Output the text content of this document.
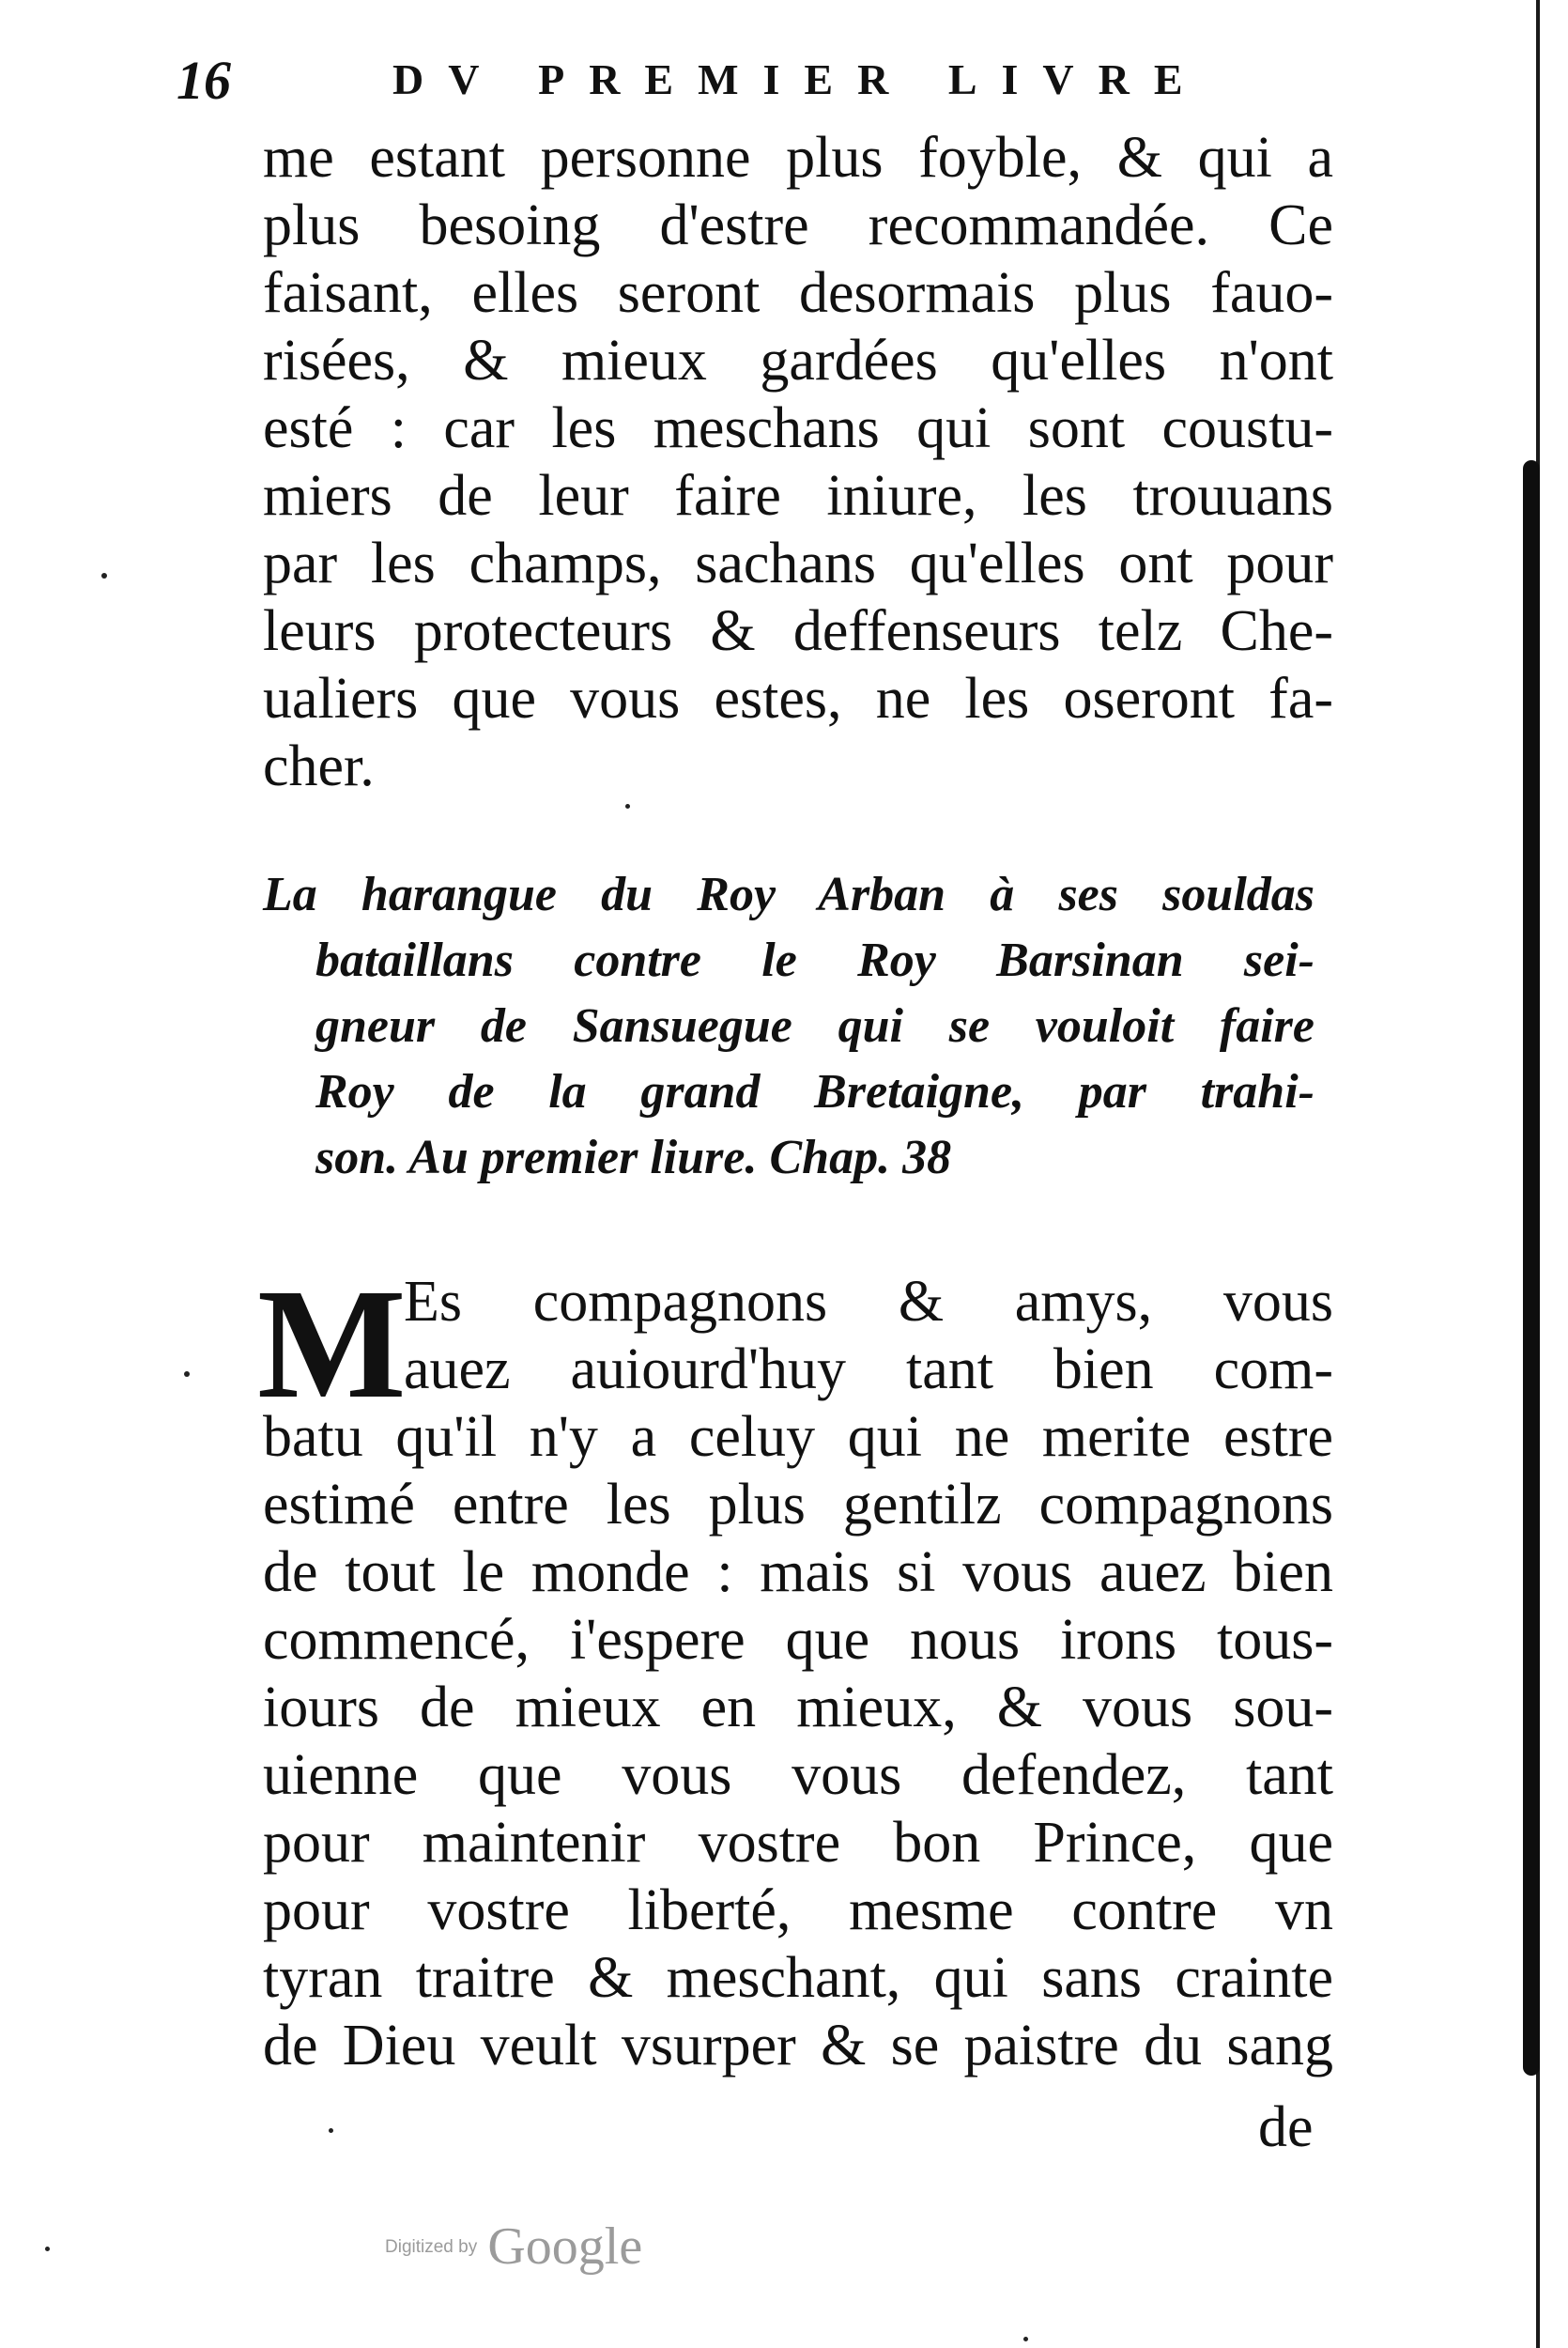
16	DV PREMIER LIVRE
me estant personne plus foyble, & qui a
plus besoing d'estre recommandée. Ce
faisant, elles seront desormais plus fauo-
risées, & mieux gardées qu'elles n'ont
esté : car les meschans qui sont coustu-
miers de leur faire iniure, les trouuans
par les champs, sachans qu'elles ont pour
leurs protecteurs & deffenseurs telz Che-
ualiers que vous estes, ne les oseront fa-
cher.
La harangue du Roy Arban à ses souldas
bataillans contre le Roy Barsinan sei-
gneur de Sansuegue qui se vouloit faire
Roy de la grand Bretaigne, par trahi-
son. Au premier liure. Chap. 38
M
Es compagnons & amys, vous
auez auiourd'huy tant bien com-
batu qu'il n'y a celuy qui ne merite estre
estimé entre les plus gentilz compagnons
de tout le monde : mais si vous auez bien
commencé, i'espere que nous irons tous-
iours de mieux en mieux, & vous sou-
uienne que vous vous defendez, tant
pour maintenir vostre bon Prince, que
pour vostre liberté, mesme contre vn
tyran traitre & meschant, qui sans crainte
de Dieu veult vsurper & se paistre du sang
de
Digitized by Google
